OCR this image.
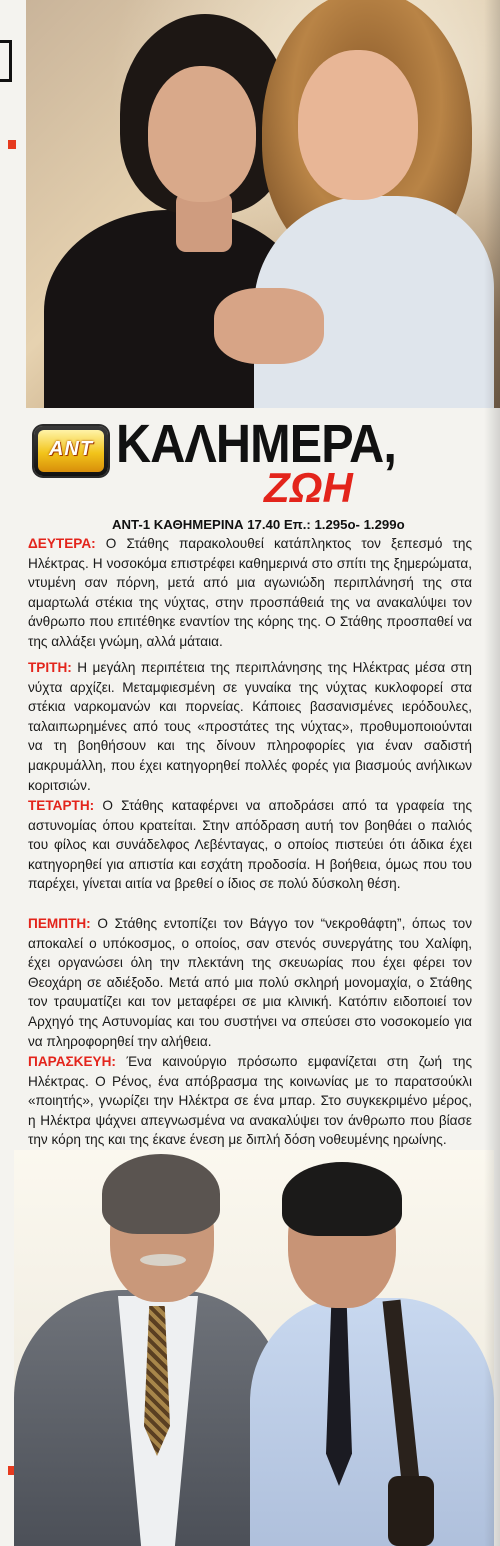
ANT ΚΑΛΗΜΕΡΑ,
ΖΩΗ
ΑΝΤ-1 ΚΑΘΗΜΕΡΙΝΑ 17.40 Επ.: 1.295ο- 1.299ο

ΔΕΥΤΕΡΑ: Ο Στάθης παρακολουθεί κατάπληκτος τον ξεπεσμό της Ηλέκτρας. Η νοσοκόμα επιστρέφει καθημερινά στο σπίτι της ξημερώματα, ντυμένη σαν πόρνη, μετά από μια αγωνιώδη περιπλάνησή της στα αμαρτωλά στέκια της νύχτας, στην προσπάθειά της να ανακαλύψει τον άνθρωπο που επιτέθηκε εναντίον της κόρης της. Ο Στάθης προσπαθεί να της αλλάξει γνώμη, αλλά μάταια.

ΤΡΙΤΗ: Η μεγάλη περιπέτεια της περιπλάνησης της Ηλέκτρας μέσα στη νύχτα αρχίζει. Μεταμφιεσμένη σε γυναίκα της νύχτας κυκλοφορεί στα στέκια ναρκομανών και πορνείας. Κάποιες βασανισμένες ιερόδουλες, ταλαιπωρημένες από τους «προστάτες της νύχτας», προθυμοποιούνται να τη βοηθήσουν και της δίνουν πληροφορίες για έναν σαδιστή μακρυμάλλη, που έχει κατηγορηθεί πολλές φορές για βιασμούς ανήλικων κοριτσιών.

ΤΕΤΑΡΤΗ: Ο Στάθης καταφέρνει να αποδράσει από τα γραφεία της αστυνομίας όπου κρατείται. Στην απόδραση αυτή τον βοηθάει ο παλιός του φίλος και συνάδελφος Λεβένταγας, ο οποίος πιστεύει ότι άδικα έχει κατηγορηθεί για απιστία και εσχάτη προδοσία. Η βοήθεια, όμως που του παρέχει, γίνεται αιτία να βρεθεί ο ίδιος σε πολύ δύσκολη θέση.

ΠΕΜΠΤΗ: Ο Στάθης εντοπίζει τον Βάγγο τον “νεκροθάφτη”, όπως τον αποκαλεί ο υπόκοσμος, ο οποίος, σαν στενός συνεργάτης του Χαλίφη, έχει οργανώσει όλη την πλεκτάνη της σκευωρίας που έχει φέρει τον Θεοχάρη σε αδιέξοδο. Μετά από μια πολύ σκληρή μονομαχία, ο Στάθης τον τραυματίζει και τον μεταφέρει σε μια κλινική. Κατόπιν ειδοποιεί τον Αρχηγό της Αστυνομίας και του συστήνει να σπεύσει στο νοσοκομείο για να πληροφορηθεί την αλήθεια.

ΠΑΡΑΣΚΕΥΗ: Ένα καινούργιο πρόσωπο εμφανίζεται στη ζωή της Ηλέκτρας. Ο Ρένος, ένα απόβρασμα της κοινωνίας με το παρατσούκλι «ποιητής», γνωρίζει την Ηλέκτρα σε ένα μπαρ. Στο συγκεκριμένο μέρος, η Ηλέκτρα ψάχνει απεγνωσμένα να ανακαλύψει τον άνθρωπο που βίασε την κόρη της και της έκανε ένεση με διπλή δόση νοθευμένης ηρωίνης.
